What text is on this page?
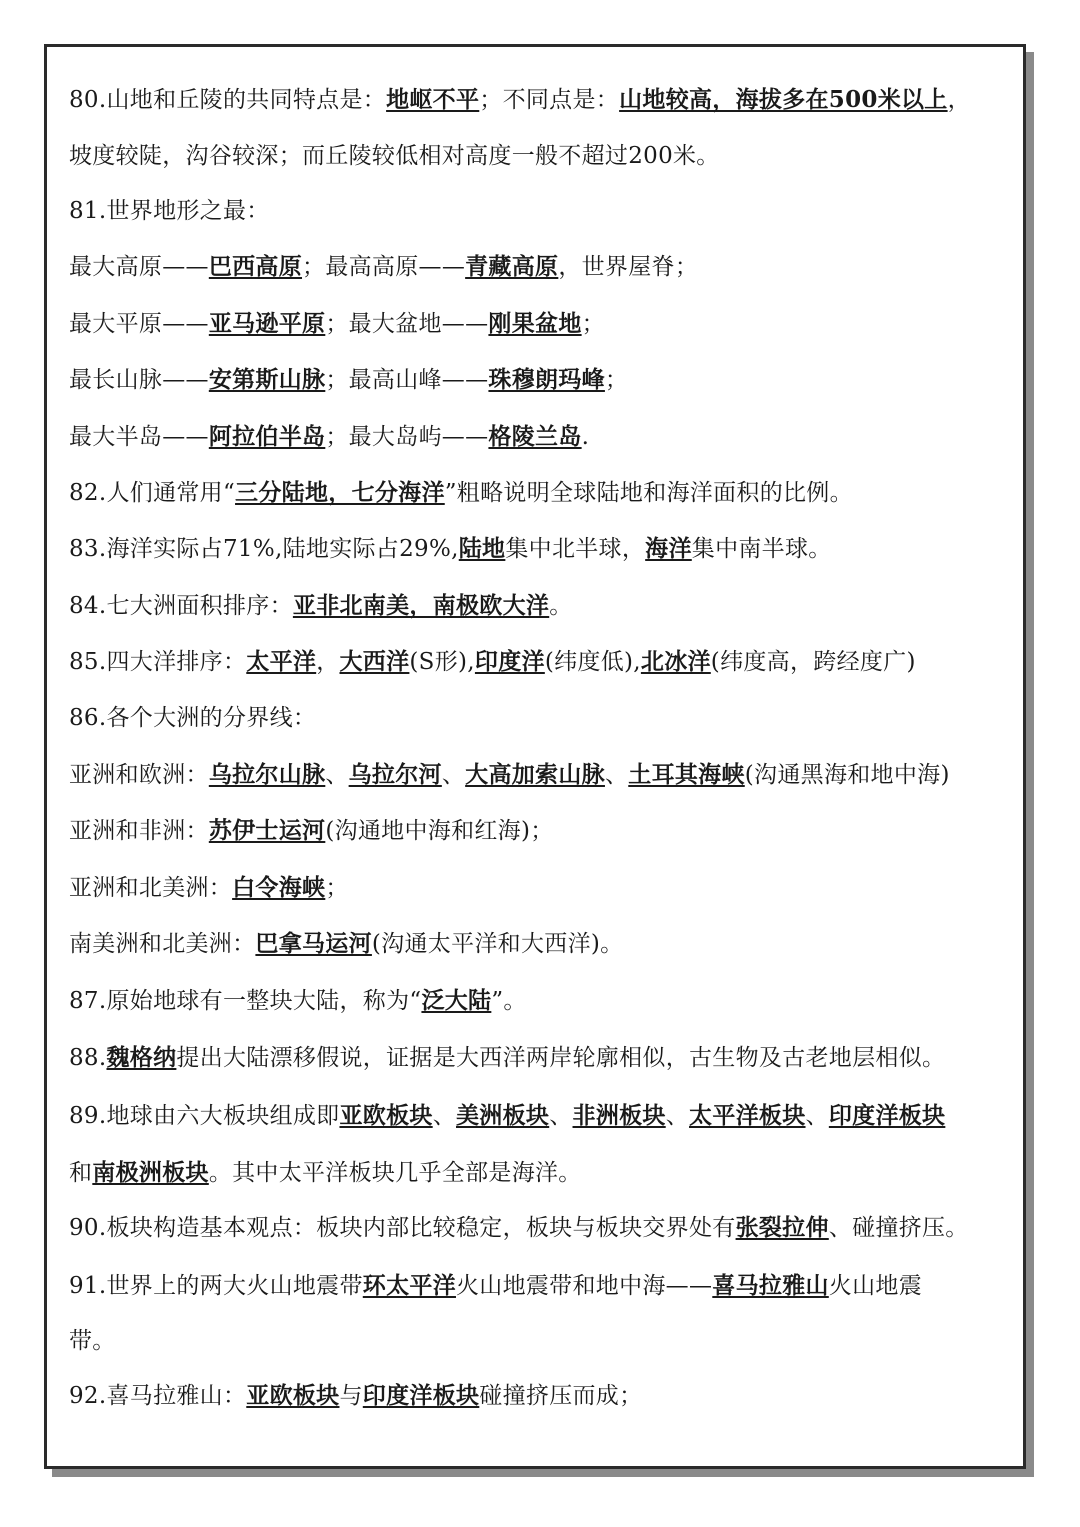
80.山地和丘陵的共同特点是：地岖不平；不同点是：山地较高，海拔多在500米以上，
坡度较陡，沟谷较深；而丘陵较低相对高度一般不超过200米。
81.世界地形之最：
最大高原——巴西高原；最高高原——青藏高原，世界屋脊；
最大平原——亚马逊平原；最大盆地——刚果盆地；
最长山脉——安第斯山脉；最高山峰——珠穆朗玛峰；
最大半岛——阿拉伯半岛；最大岛屿——格陵兰岛.
82.人们通常用“三分陆地，七分海洋”粗略说明全球陆地和海洋面积的比例。
83.海洋实际占71%,陆地实际占29%,陆地集中北半球，海洋集中南半球。
84.七大洲面积排序：亚非北南美，南极欧大洋。
85.四大洋排序：太平洋，大西洋(S形),印度洋(纬度低),北冰洋(纬度高，跨经度广)
86.各个大洲的分界线：
亚洲和欧洲：乌拉尔山脉、乌拉尔河、大高加索山脉、土耳其海峡(沟通黑海和地中海)
亚洲和非洲：苏伊士运河(沟通地中海和红海)；
亚洲和北美洲：白令海峡；
南美洲和北美洲：巴拿马运河(沟通太平洋和大西洋)。
87.原始地球有一整块大陆，称为“泛大陆”。
88.魏格纳提出大陆漂移假说，证据是大西洋两岸轮廓相似，古生物及古老地层相似。
89.地球由六大板块组成即亚欧板块、美洲板块、非洲板块、太平洋板块、印度洋板块
和南极洲板块。其中太平洋板块几乎全部是海洋。
90.板块构造基本观点：板块内部比较稳定，板块与板块交界处有张裂拉伸、碰撞挤压。
91.世界上的两大火山地震带环太平洋火山地震带和地中海——喜马拉雅山火山地震
带。
92.喜马拉雅山：亚欧板块与印度洋板块碰撞挤压而成；
